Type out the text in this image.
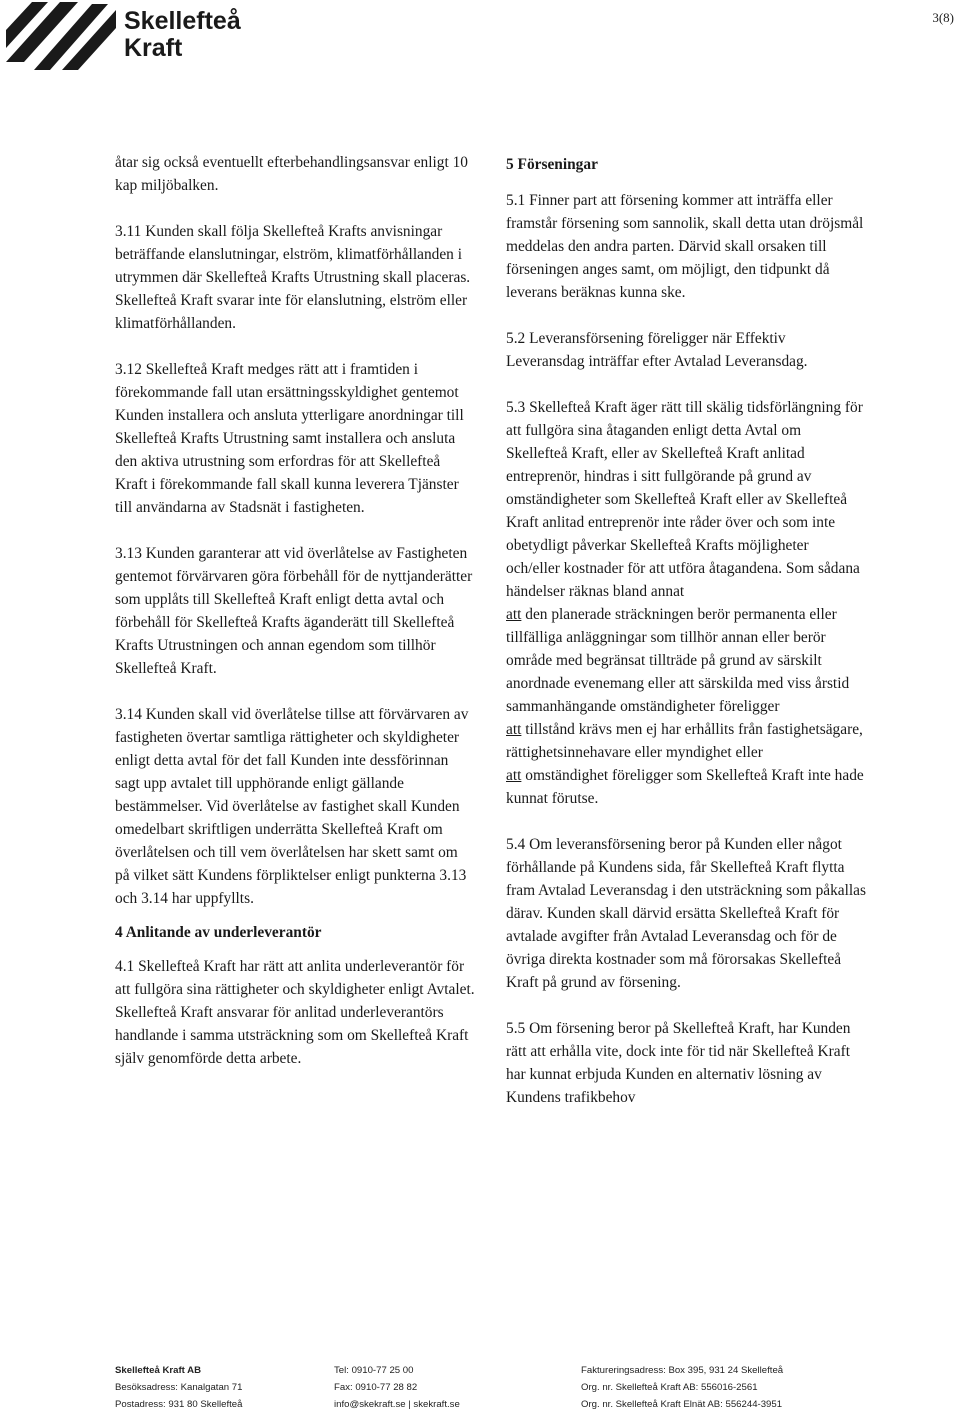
Skellefteå
Kraft
3(8)

åtar sig också eventuellt efterbehandlingsansvar enligt 10 kap miljöbalken.

3.11 Kunden skall följa Skellefteå Krafts anvisningar beträffande elanslutningar, elström, klimatförhållanden i utrymmen där Skellefteå Krafts Utrustning skall placeras. Skellefteå Kraft svarar inte för elanslutning, elström eller klimatförhållanden.

3.12 Skellefteå Kraft medges rätt att i framtiden i förekommande fall utan ersättningsskyldighet gentemot Kunden installera och ansluta ytterligare anordningar till Skellefteå Krafts Utrustning samt installera och ansluta den aktiva utrustning som erfordras för att Skellefteå Kraft i förekommande fall skall kunna leverera Tjänster till användarna av Stadsnät i fastigheten.

3.13 Kunden garanterar att vid överlåtelse av Fastigheten gentemot förvärvaren göra förbehåll för de nyttjanderätter som upplåts till Skellefteå Kraft enligt detta avtal och förbehåll för Skellefteå Krafts äganderätt till Skellefteå Krafts Utrustningen och annan egendom som tillhör Skellefteå Kraft.

3.14 Kunden skall vid överlåtelse tillse att förvärvaren av fastigheten övertar samtliga rättigheter och skyldigheter enligt detta avtal för det fall Kunden inte dessförinnan sagt upp avtalet till upphörande enligt gällande bestämmelser. Vid överlåtelse av fastighet skall Kunden omedelbart skriftligen underrätta Skellefteå Kraft om överlåtelsen och till vem överlåtelsen har skett samt om på vilket sätt Kundens förpliktelser enligt punkterna 3.13 och 3.14 har uppfyllts.

4 Anlitande av underleverantör

4.1 Skellefteå Kraft har rätt att anlita underleverantör för att fullgöra sina rättigheter och skyldigheter enligt Avtalet. Skellefteå Kraft ansvarar för anlitad underleverantörs handlande i samma utsträckning som om Skellefteå Kraft själv genomförde detta arbete.

5 Förseningar

5.1 Finner part att försening kommer att inträffa eller framstår försening som sannolik, skall detta utan dröjsmål meddelas den andra parten. Därvid skall orsaken till förseningen anges samt, om möjligt, den tidpunkt då leverans beräknas kunna ske.

5.2 Leveransförsening föreligger när Effektiv Leveransdag inträffar efter Avtalad Leveransdag.

5.3 Skellefteå Kraft äger rätt till skälig tidsförlängning för att fullgöra sina åtaganden enligt detta Avtal om Skellefteå Kraft, eller av Skellefteå Kraft anlitad entreprenör, hindras i sitt fullgörande på grund av omständigheter som Skellefteå Kraft eller av Skellefteå Kraft anlitad entreprenör inte råder över och som inte obetydligt påverkar Skellefteå Krafts möjligheter och/eller kostnader för att utföra åtagandena. Som sådana händelser räknas bland annat

att den planerade sträckningen berör permanenta eller tillfälliga anläggningar som tillhör annan eller berör område med begränsat tillträde på grund av särskilt anordnade evenemang eller att särskilda med viss årstid sammanhängande omständigheter föreligger

att tillstånd krävs men ej har erhållits från fastighetsägare, rättighetsinnehavare eller myndighet eller

att omständighet föreligger som Skellefteå Kraft inte hade kunnat förutse.

5.4 Om leveransförsening beror på Kunden eller något förhållande på Kundens sida, får Skellefteå Kraft flytta fram Avtalad Leveransdag i den utsträckning som påkallas därav. Kunden skall därvid ersätta Skellefteå Kraft för avtalade avgifter från Avtalad Leveransdag och för de övriga direkta kostnader som må förorsakas Skellefteå Kraft på grund av försening.

5.5 Om försening beror på Skellefteå Kraft, har Kunden rätt att erhålla vite, dock inte för tid när Skellefteå Kraft har kunnat erbjuda Kunden en alternativ lösning av Kundens trafikbehov

Skellefteå Kraft AB
Besöksadress: Kanalgatan 71
Postadress: 931 80 Skellefteå
Tel: 0910-77 25 00
Fax: 0910-77 28 82
info@skekraft.se | skekraft.se
Faktureringsadress: Box 395, 931 24 Skellefteå
Org. nr. Skellefteå Kraft AB: 556016-2561
Org. nr. Skellefteå Kraft Elnät AB: 556244-3951
